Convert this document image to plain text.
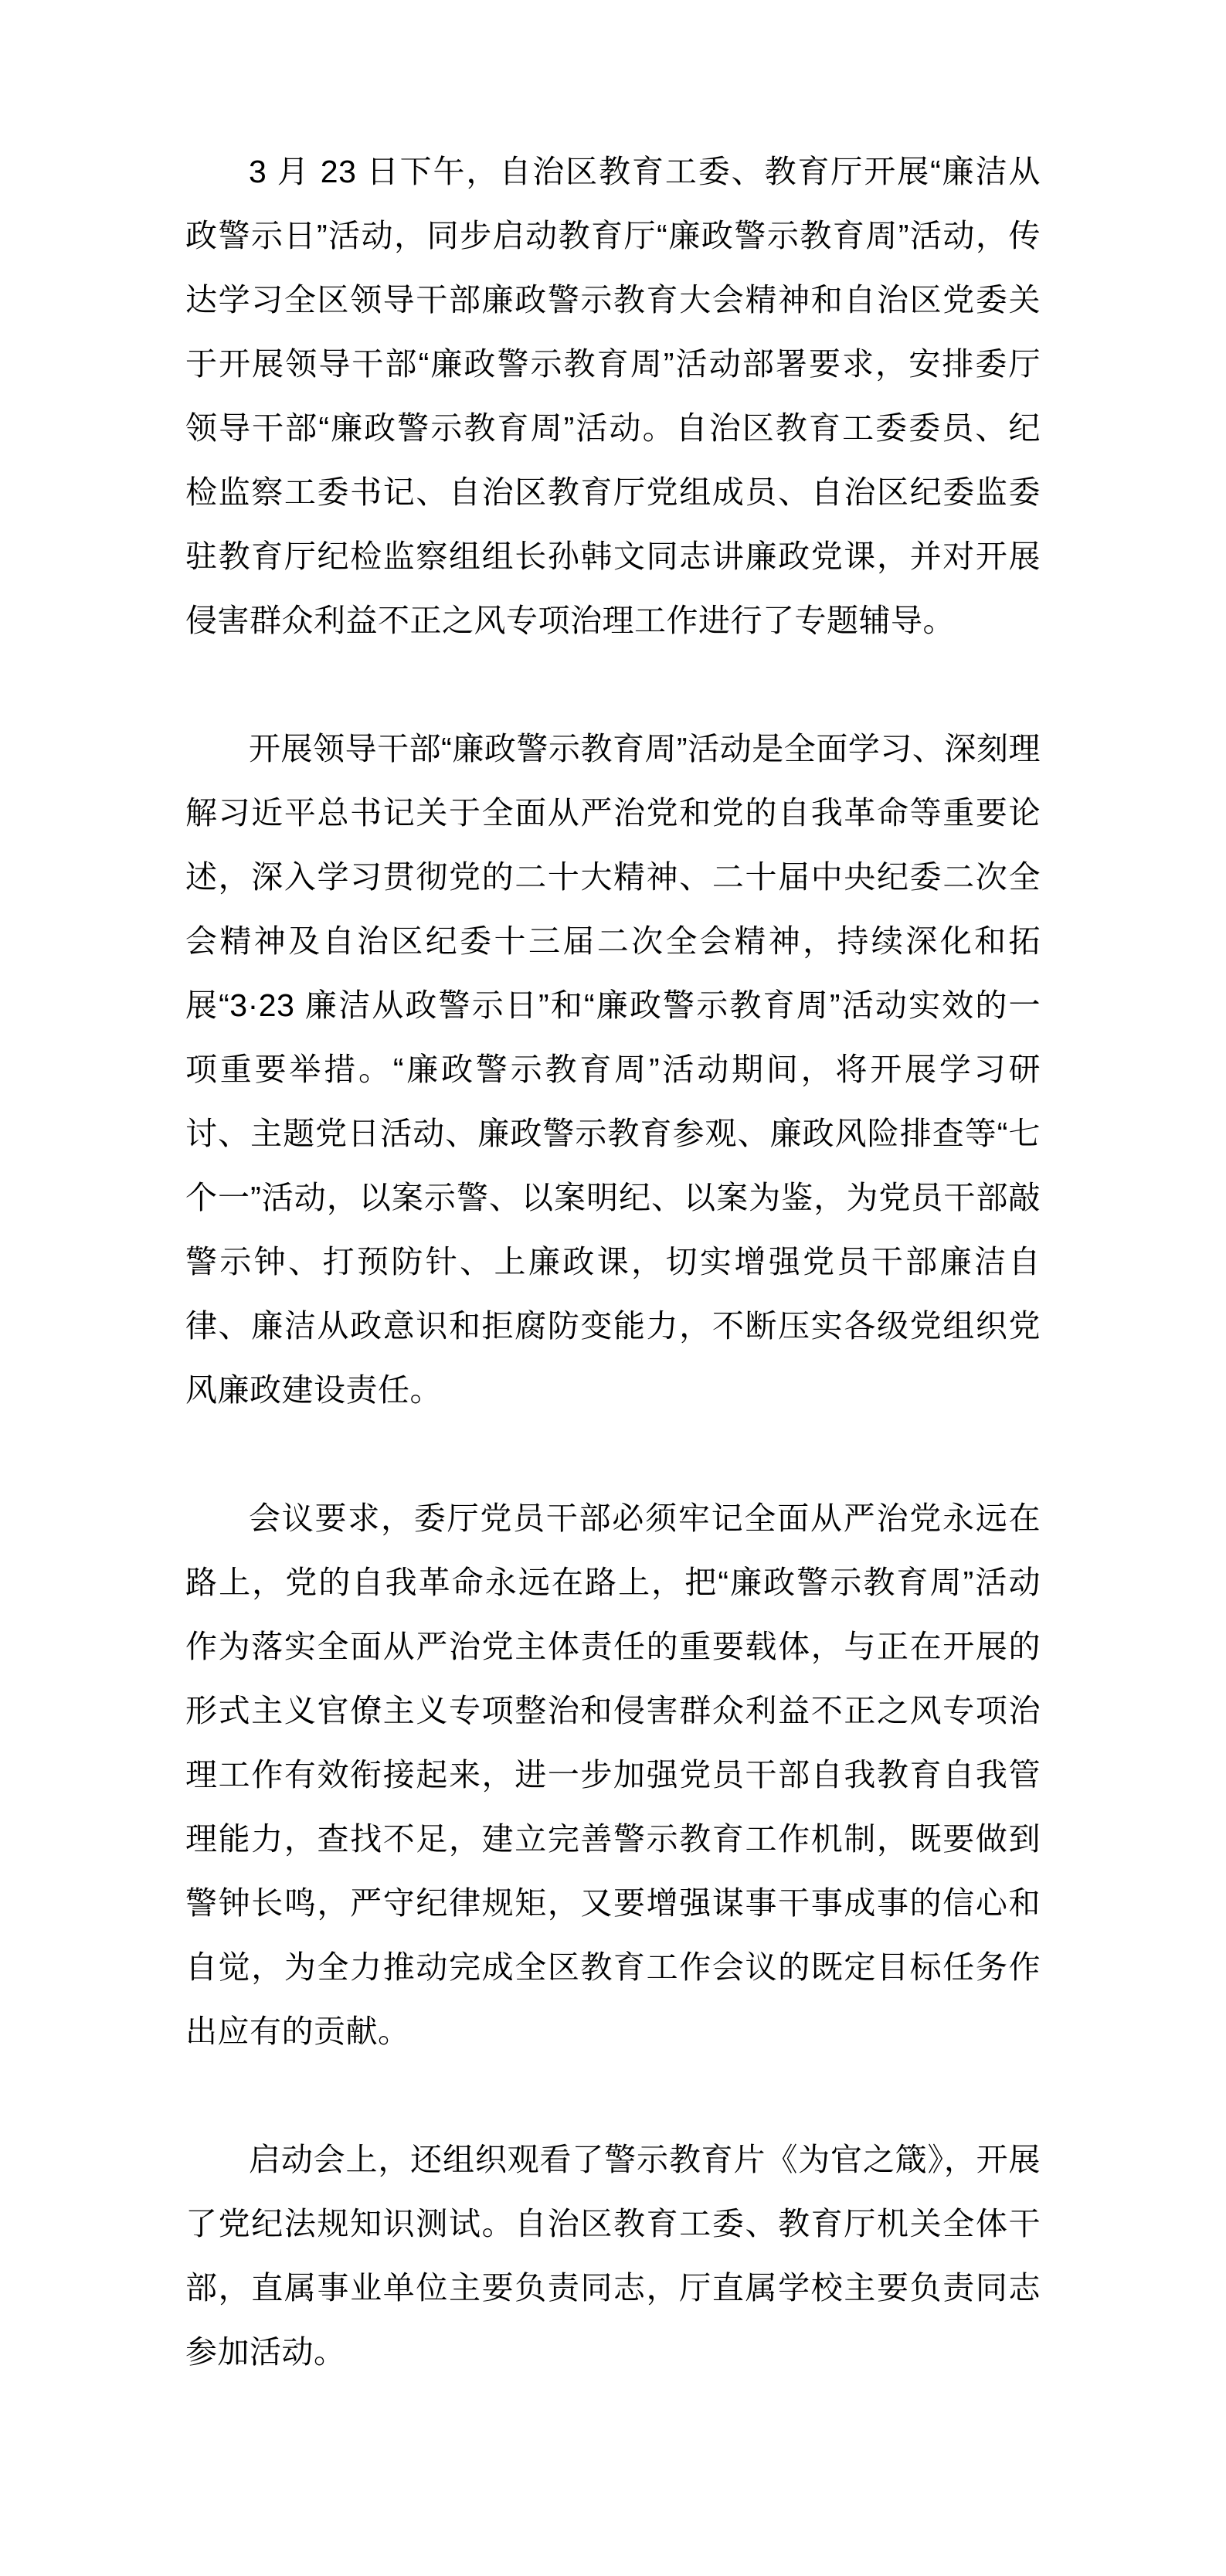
3 月 23 日下午，自治区教育工委、教育厅开展“廉洁从政警示日”活动，同步启动教育厅“廉政警示教育周”活动，传达学习全区领导干部廉政警示教育大会精神和自治区党委关于开展领导干部“廉政警示教育周”活动部署要求，安排委厅领导干部“廉政警示教育周”活动。自治区教育工委委员、纪检监察工委书记、自治区教育厅党组成员、自治区纪委监委驻教育厅纪检监察组组长孙韩文同志讲廉政党课，并对开展侵害群众利益不正之风专项治理工作进行了专题辅导。

开展领导干部“廉政警示教育周”活动是全面学习、深刻理解习近平总书记关于全面从严治党和党的自我革命等重要论述，深入学习贯彻党的二十大精神、二十届中央纪委二次全会精神及自治区纪委十三届二次全会精神，持续深化和拓展“3·23 廉洁从政警示日”和“廉政警示教育周”活动实效的一项重要举措。“廉政警示教育周”活动期间，将开展学习研讨、主题党日活动、廉政警示教育参观、廉政风险排查等“七个一”活动，以案示警、以案明纪、以案为鉴，为党员干部敲警示钟、打预防针、上廉政课，切实增强党员干部廉洁自律、廉洁从政意识和拒腐防变能力，不断压实各级党组织党风廉政建设责任。

会议要求，委厅党员干部必须牢记全面从严治党永远在路上，党的自我革命永远在路上，把“廉政警示教育周”活动作为落实全面从严治党主体责任的重要载体，与正在开展的形式主义官僚主义专项整治和侵害群众利益不正之风专项治理工作有效衔接起来，进一步加强党员干部自我教育自我管理能力，查找不足，建立完善警示教育工作机制，既要做到警钟长鸣，严守纪律规矩，又要增强谋事干事成事的信心和自觉，为全力推动完成全区教育工作会议的既定目标任务作出应有的贡献。

启动会上，还组织观看了警示教育片《为官之箴》，开展了党纪法规知识测试。自治区教育工委、教育厅机关全体干部，直属事业单位主要负责同志，厅直属学校主要负责同志参加活动。
